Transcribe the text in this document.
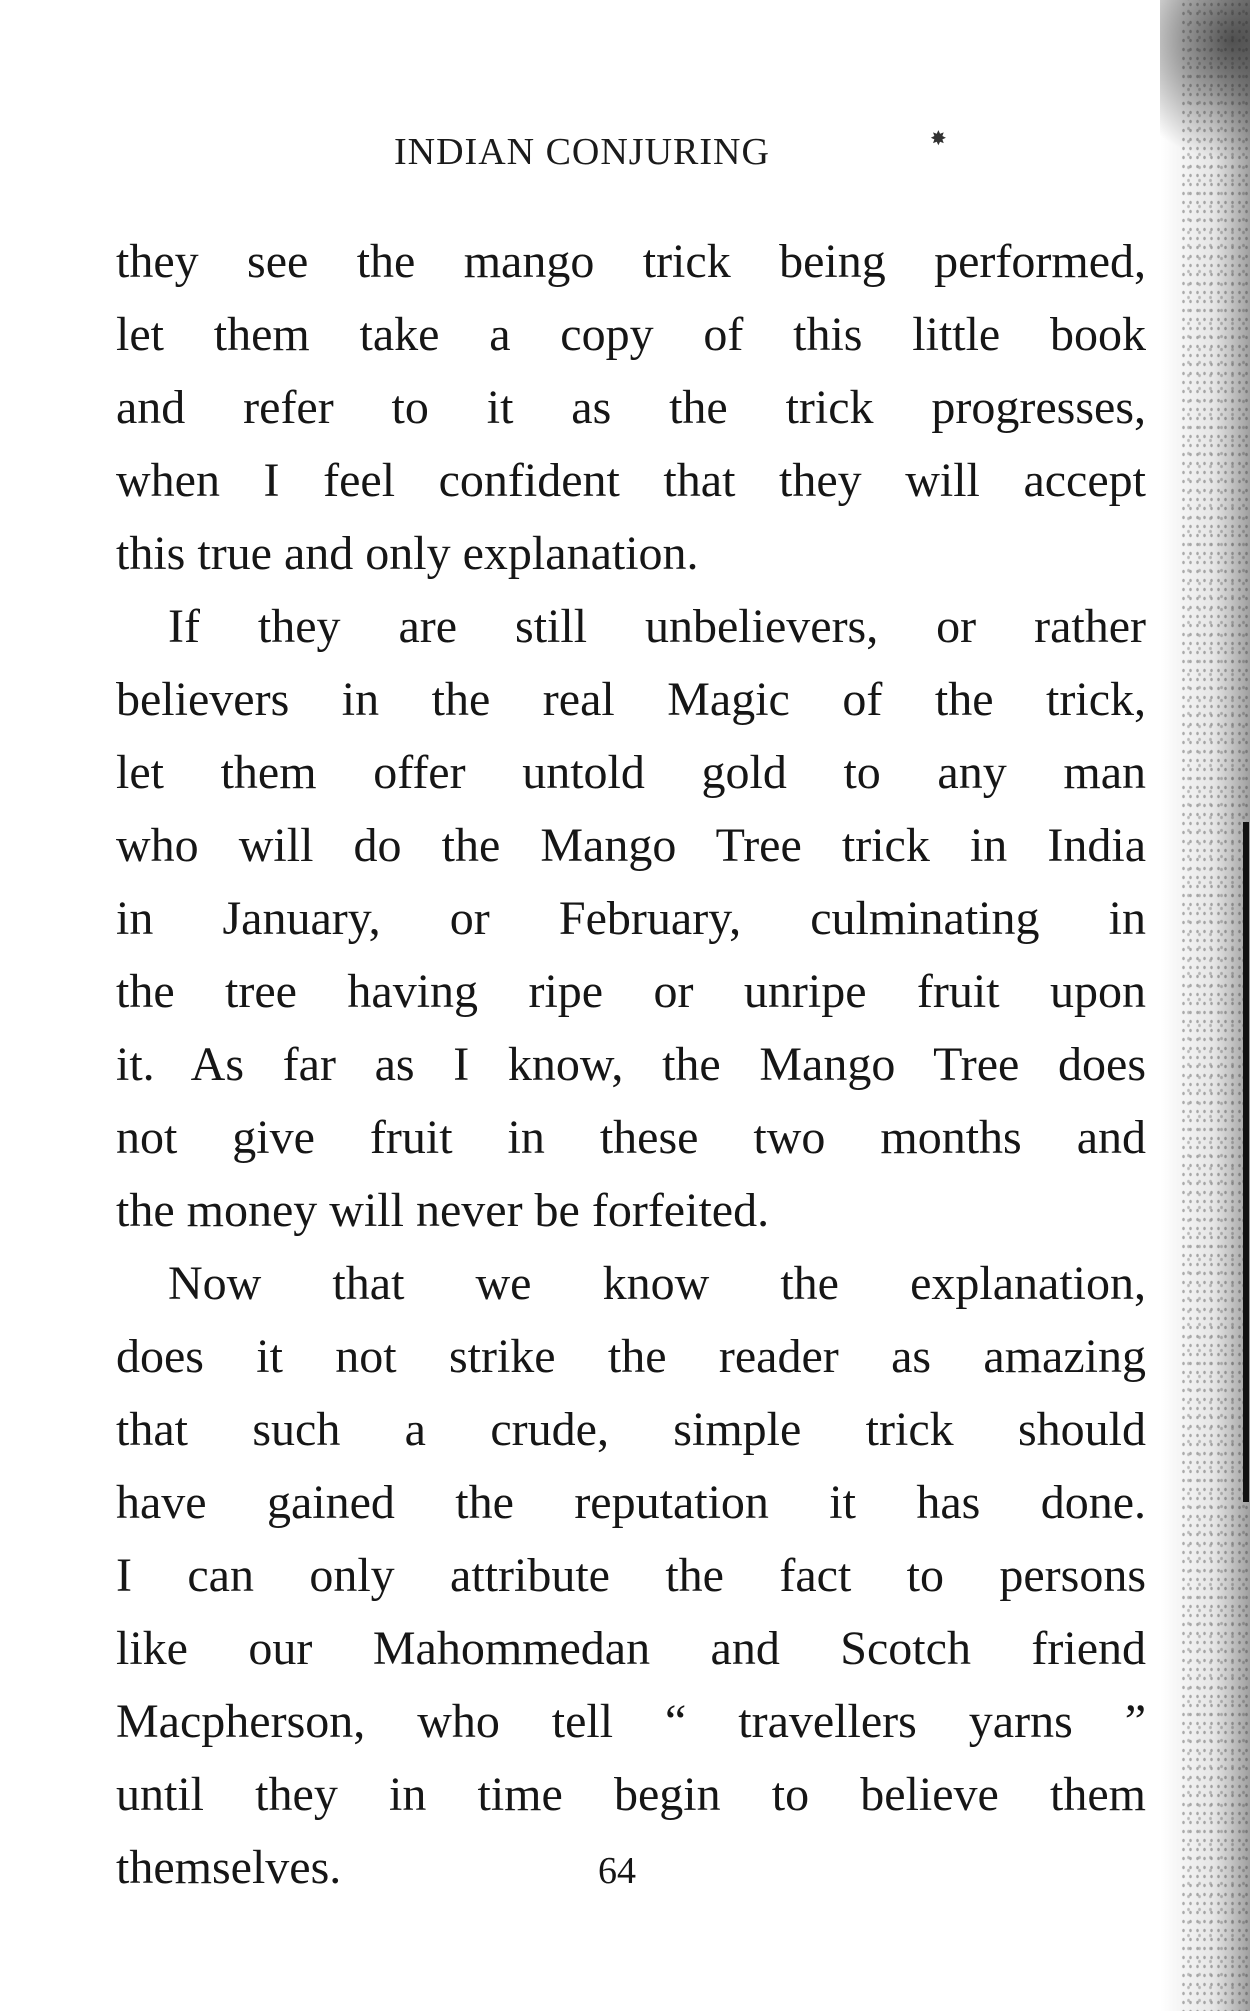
INDIAN CONJURING	✸
they see the mango trick being performed,
let them take a copy of this little book
and refer to it as the trick progresses,
when I feel confident that they will accept
this true and only explanation.
If they are still unbelievers, or rather
believers in the real Magic of the trick,
let them offer untold gold to any man
who will do the Mango Tree trick in India
in January, or February, culminating in
the tree having ripe or unripe fruit upon
it. As far as I know, the Mango Tree does
not give fruit in these two months and
the money will never be forfeited.
Now that we know the explanation,
does it not strike the reader as amazing
that such a crude, simple trick should
have gained the reputation it has done.
I can only attribute the fact to persons
like our Mahommedan and Scotch friend
Macpherson, who tell “ travellers yarns ”
until they in time begin to believe them
themselves.	64
